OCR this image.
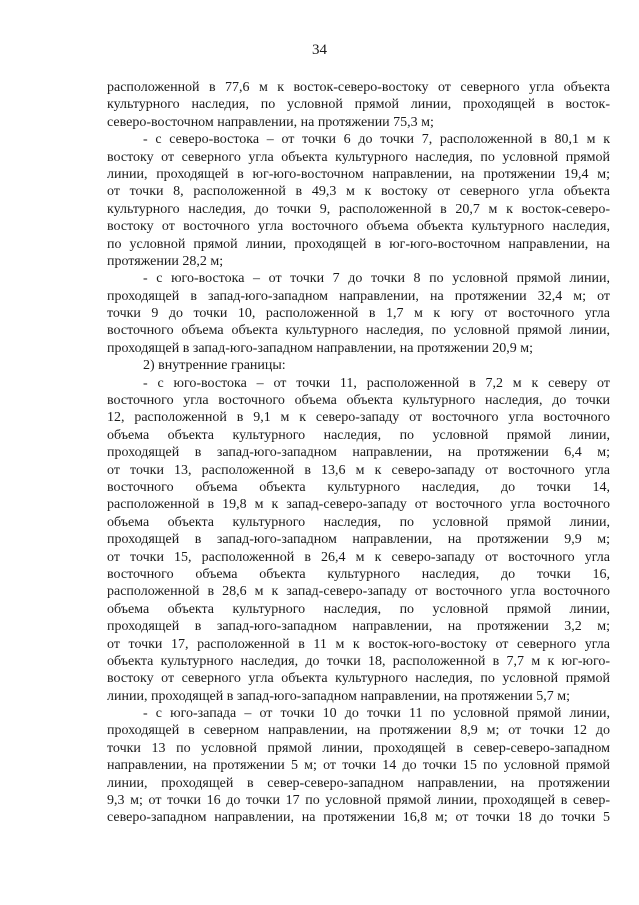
34

расположенной в 77,6 м к восток-северо-востоку от северного угла объекта
культурного наследия, по условной прямой линии, проходящей в восток-
северо-восточном направлении, на протяжении 75,3 м;
- с северо-востока – от точки 6 до точки 7, расположенной в 80,1 м к
востоку от северного угла объекта культурного наследия, по условной прямой
линии, проходящей в юг-юго-восточном направлении, на протяжении 19,4 м;
от точки 8, расположенной в 49,3 м к востоку от северного угла объекта
культурного наследия, до точки 9, расположенной в 20,7 м к восток-северо-
востоку от восточного угла восточного объема объекта культурного наследия,
по условной прямой линии, проходящей в юг-юго-восточном направлении, на
протяжении 28,2 м;
- с юго-востока – от точки 7 до точки 8 по условной прямой линии,
проходящей в запад-юго-западном направлении, на протяжении 32,4 м; от
точки 9 до точки 10, расположенной в 1,7 м к югу от восточного угла
восточного объема объекта культурного наследия, по условной прямой линии,
проходящей в запад-юго-западном направлении, на протяжении 20,9 м;
2) внутренние границы:
- с юго-востока – от точки 11, расположенной в 7,2 м к северу от
восточного угла восточного объема объекта культурного наследия, до точки
12, расположенной в 9,1 м к северо-западу от восточного угла восточного
объема объекта культурного наследия, по условной прямой линии,
проходящей в запад-юго-западном направлении, на протяжении 6,4 м;
от точки 13, расположенной в 13,6 м к северо-западу от восточного угла
восточного объема объекта культурного наследия, до точки 14,
расположенной в 19,8 м к запад-северо-западу от восточного угла восточного
объема объекта культурного наследия, по условной прямой линии,
проходящей в запад-юго-западном направлении, на протяжении 9,9 м;
от точки 15, расположенной в 26,4 м к северо-западу от восточного угла
восточного объема объекта культурного наследия, до точки 16,
расположенной в 28,6 м к запад-северо-западу от восточного угла восточного
объема объекта культурного наследия, по условной прямой линии,
проходящей в запад-юго-западном направлении, на протяжении 3,2 м;
от точки 17, расположенной в 11 м к восток-юго-востоку от северного угла
объекта культурного наследия, до точки 18, расположенной в 7,7 м к юг-юго-
востоку от северного угла объекта культурного наследия, по условной прямой
линии, проходящей в запад-юго-западном направлении, на протяжении 5,7 м;
- с юго-запада – от точки 10 до точки 11 по условной прямой линии,
проходящей в северном направлении, на протяжении 8,9 м; от точки 12 до
точки 13 по условной прямой линии, проходящей в север-северо-западном
направлении, на протяжении 5 м; от точки 14 до точки 15 по условной прямой
линии, проходящей в север-северо-западном направлении, на протяжении
9,3 м; от точки 16 до точки 17 по условной прямой линии, проходящей в север-
северо-западном направлении, на протяжении 16,8 м; от точки 18 до точки 5
